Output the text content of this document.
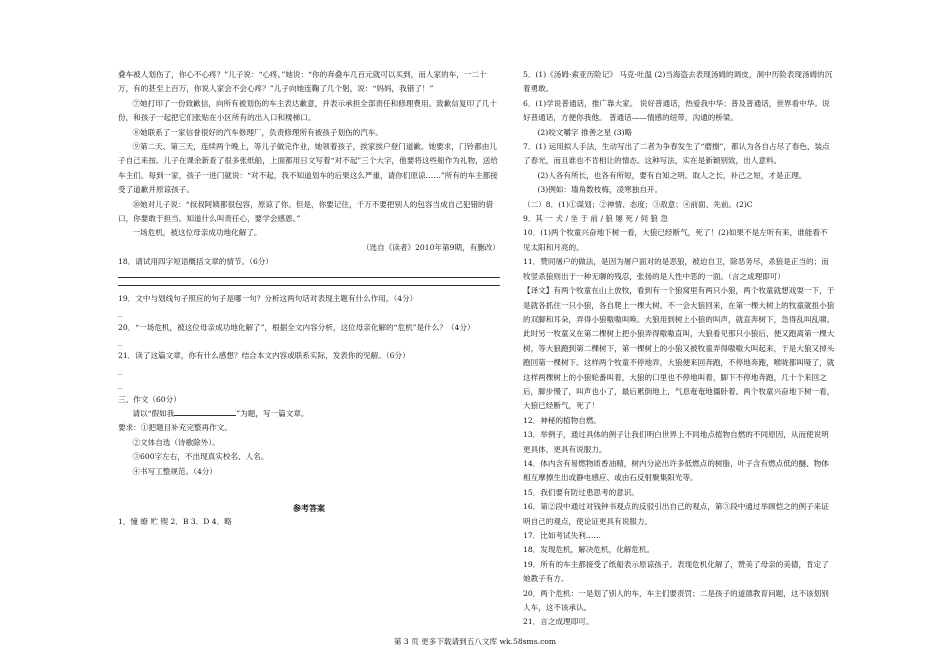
叠车被人划伤了，你心不心疼？”儿子说：“心疼。”她说：“你的奔叠车几百元就可以买到，而人家的车，一二十万，有的甚至上百万，你说人家会不会心疼？”儿子向她连鞠了几个躬，说：“妈妈，我错了！”

⑦她打印了一份致歉信，向所有被划伤的车主表达歉意，并表示承担全部责任和修理费用。致歉信复印了几十份，和孩子一起把它们张贴在小区所有的出入口和楼梯口。

⑧她联系了一家信誉很好的汽车修理厂，负责修理所有被孩子划伤的汽车。

⑨第二天、第三天，连续两个晚上，等儿子做完作业，她领着孩子，挨家挨户登门道歉。她要求，门铃都由儿子自己来按。儿子在课余新查了很多张纸船，上面都用日文写着“对不起”三个大字，他要将这些船作为礼物，送给车主们。每到一家，孩子一进门就说：“对不起，我不知道划车的后果这么严重，请你们原谅……”所有的车主都接受了道歉并原谅孩子。

⑩她对儿子说：“叔叔阿姨都很包容，原谅了你。但是，你要记住，千万不要把别人的包容当成自己犯错的借口，你要敢于担当。知道什么叫责任心，要学会感恩。”

一场危机，被这位母亲成功地化解了。

（选自《读者》2010年第9期，有删改）

18．请试用四字短语概括文章的情节。（6分）

19．文中与划线句子照应的句子是哪一句？分析这两句话对表现主题有什么作用。（4分）

_

20．“一场危机，被这位母亲成功地化解了”，根据全文内容分析，这位母亲化解的“危机”是什么？（4分）

_

21．读了这篇文章，你有什么感想？结合本文内容或联系实际，发表你的见解。（6分）

_

_

三、作文（60分）

请以“假如我	”为题，写一篇文章。

要求：①把题目补充完整再作文。

②文体自选（诗歌除外）。

③600字左右，不出现真实校名、人名。

④书写工整规范。（4分）

参考答案

1．憧 缭 贮 锲 2．B 3．D 4．略

5．(1)《汤姆·索亚历险记》 马克·吐温 (2)当海盗去表现汤姆的调皮，洞中历险表现汤姆的沉着勇敢。

6．(1)学说普通话，推广靠大家。 说好普通话，热爱我中华；普及普通话，世界看中华。说好普通话，方便你我他。 普通话——情感的纽带，沟通的桥梁。

(2)咬文嚼字 推善之星 (3)略

7．(1) 运用拟人手法，生动写出了二者为争春发生了“磨擦”，都认为各自占尽了春色，装点了春光，而且谁也不肯相让的情态。这种写法，实在是新颖别致，出人意料。

(2)人各有所长，也各有所短，要有自知之明。取人之长，补己之短，才是正理。

(3)例如：墙角数枝梅，凌寒独自开。

（二）8．(1)①谋划；②神情、态度；③敌意；④前面、先前。(2)C

9．其 一 犬 / 坐 于 前 / 狼 屡 死 / 伺 狼 急

10．(1)两个牧童兴奋地下树一看，大狼已经断气，死了！(2)如果不是左听有来，谁能看不见太阳和月亮的。

11．赞同屠户的做法，是因为屠户面对的是恶狼，被迫自卫，除恶务尽，杀狼是正当的；而牧竖杀狼则出于一种无聊的残忍，张扬的是人性中恶的一面。（言之成理即可）

【译文】有两个牧童在山上放牧，看到有一个狼窝里有两只小狼，两个牧童就想戏耍一下，于是就各抓住一只小狼，各自爬上一棵大树。不一会大狼回来，在第一棵大树上的牧童就扭小狼的双脚和耳朵，弄得小狼嗷嗷叫唤。大狼用到树上小狼的叫声，就直奔树下，急得乱叫乱啸。此时另一牧童又在第二棵树上把小狼弄得嗷嗷直叫，大狼看见那只小狼后，便又跑离第一棵大树，等大狼跑到第二棵树下，第一棵树上的小狼又被牧童弄得嗷嗷大叫起来，于是大狼又掉头跑回第一棵树下。这样两个牧童不停地弄，大狼便来回奔跑，不停地奔跑，喉咙都叫哑了，就这样两棵树上的小狼轮番叫着，大狼的口里也不停地叫着，脚下不停地奔跑，几十个来回之后，脚步慢了，叫声也小了，最后累倒地上，气息奄奄地僵卧着。两个牧童兴奋地下树一看，大狼已经断气，死了！

12．神秘的植物自燃。

13．举例子，通过具体的例子让我们明白世界上不同地点植物自燃的不同原因，从而使说明更具体，更具有说服力。

14．体内含有易燃物质香油精，树内分泌出许多低燃点的树脂，叶子含有燃点低的醚、物体相互摩擦生出或静电感应、或由石反射聚集阳光等。

15．我们要有防过患思考的意识。

16．第②段中通过对钱钟书观点的反驳引出自己的观点，第③段中通过举顾恺之的例子来证明自己的观点，使论证更具有说服力。

17．比如考试失利……

18．发现危机，解决危机，化解危机。

19．所有的车主都接受了纸船表示原谅孩子。表现危机化解了，赞美了母亲的美德，肯定了她教子有方。

20．两个危机：一是划了别人的车，车主们要责罚；二是孩子的道德教育问题，这不该划别人车，这不该承认。

21．言之成理即可。

第 3 页 更多下载请到五八文库 wk.58sms.com
